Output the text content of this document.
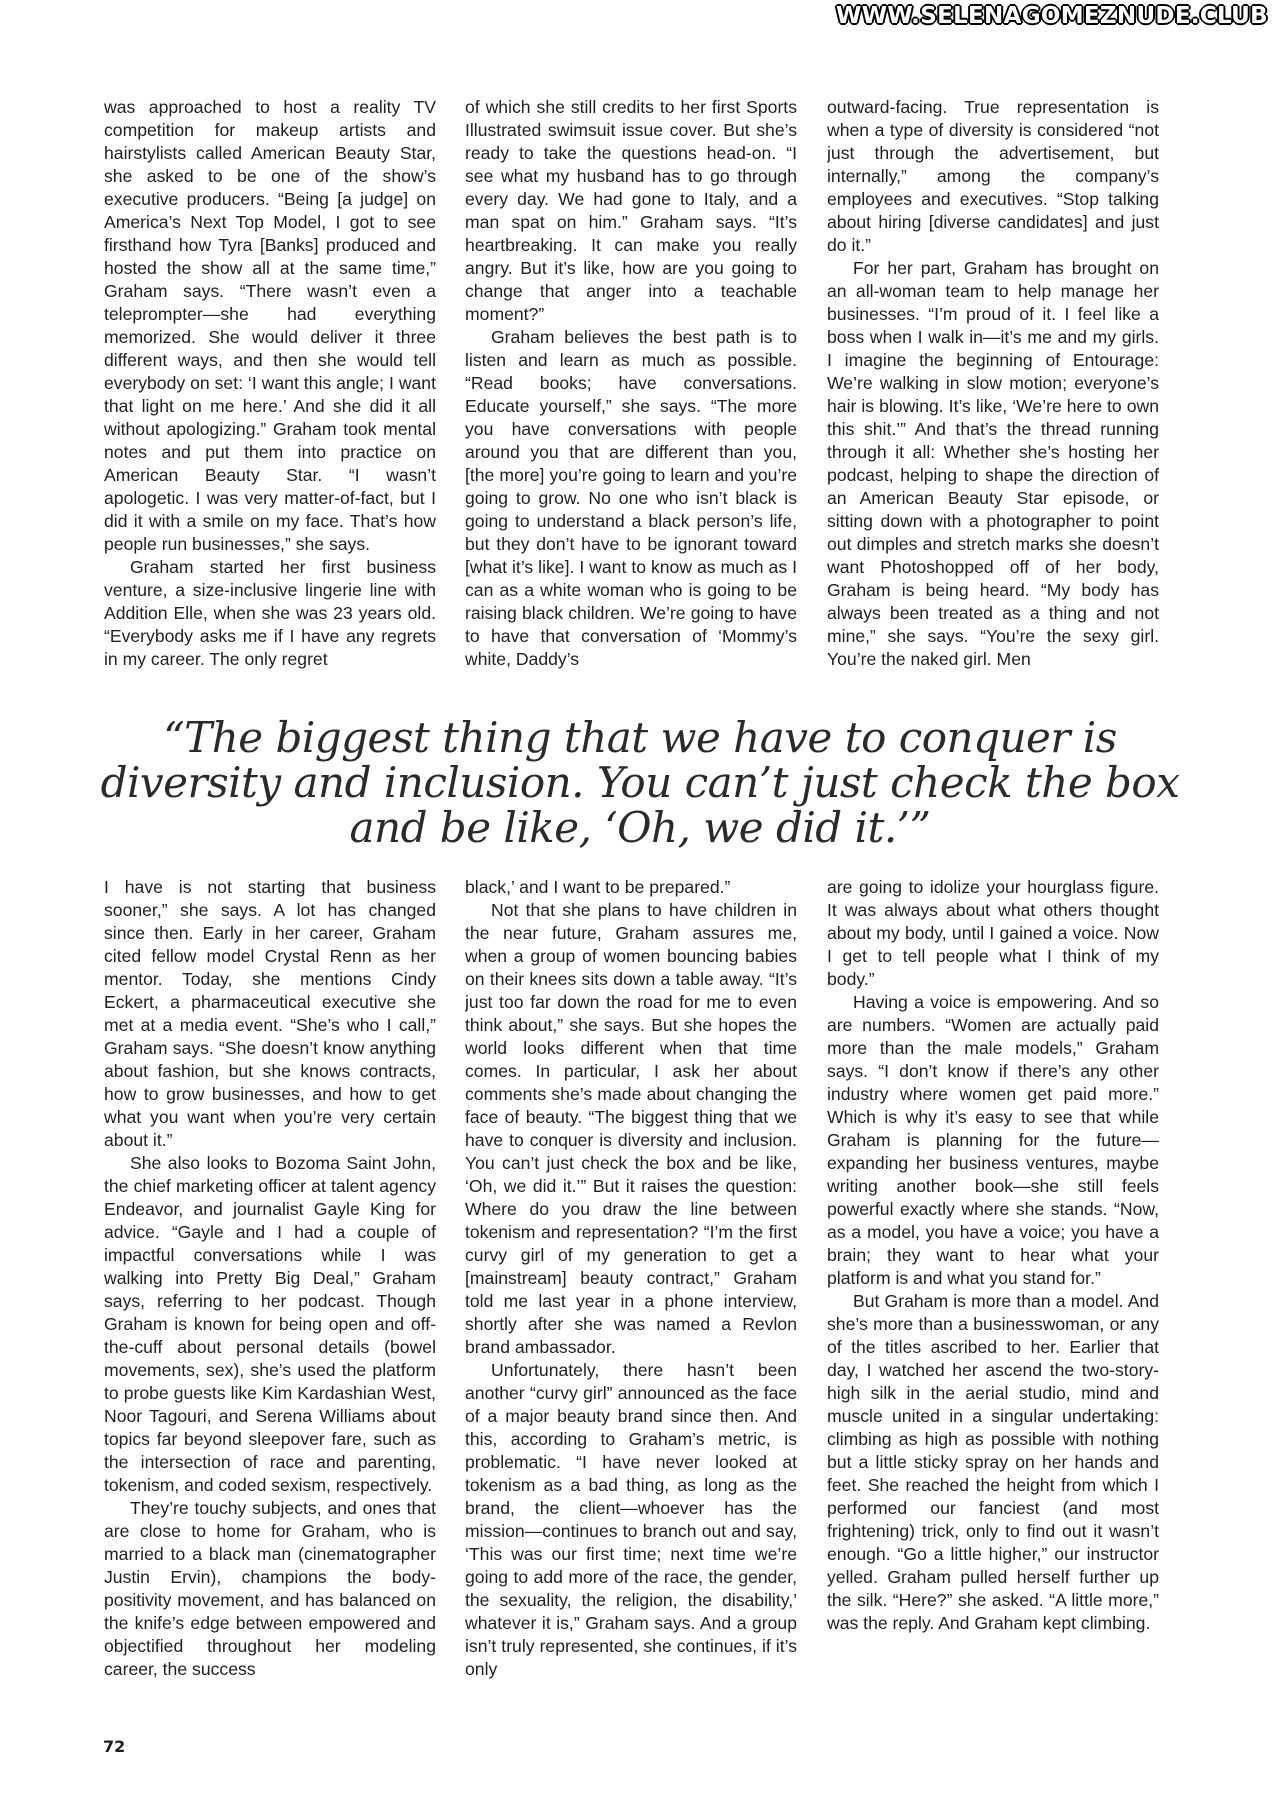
WWW.SELENAGOMEZNUDE.CLUB

was approached to host a reality TV competition for makeup artists and hairstylists called American Beauty Star, she asked to be one of the show’s executive producers. “Being [a judge] on America’s Next Top Model, I got to see firsthand how Tyra [Banks] produced and hosted the show all at the same time,” Graham says. “There wasn’t even a teleprompter—she had everything memorized. She would deliver it three different ways, and then she would tell everybody on set: ‘I want this angle; I want that light on me here.’ And she did it all without apologizing.” Graham took mental notes and put them into practice on American Beauty Star. “I wasn’t apologetic. I was very matter-of-fact, but I did it with a smile on my face. That’s how people run businesses,” she says.

Graham started her first business venture, a size-inclusive lingerie line with Addition Elle, when she was 23 years old. “Everybody asks me if I have any regrets in my career. The only regret

of which she still credits to her first Sports Illustrated swimsuit issue cover. But she’s ready to take the questions head-on. “I see what my husband has to go through every day. We had gone to Italy, and a man spat on him.” Graham says. “It’s heartbreaking. It can make you really angry. But it’s like, how are you going to change that anger into a teachable moment?”

Graham believes the best path is to listen and learn as much as possible. “Read books; have conversations. Educate yourself,” she says. “The more you have conversations with people around you that are different than you, [the more] you’re going to learn and you’re going to grow. No one who isn’t black is going to understand a black person’s life, but they don’t have to be ignorant toward [what it’s like]. I want to know as much as I can as a white woman who is going to be raising black children. We’re going to have to have that conversation of ‘Mommy’s white, Daddy’s

outward-facing. True representation is when a type of diversity is considered “not just through the advertisement, but internally,” among the company’s employees and executives. “Stop talking about hiring [diverse candidates] and just do it.”

For her part, Graham has brought on an all-woman team to help manage her businesses. “I’m proud of it. I feel like a boss when I walk in—it’s me and my girls. I imagine the beginning of Entourage: We’re walking in slow motion; everyone’s hair is blowing. It’s like, ‘We’re here to own this shit.’” And that’s the thread running through it all: Whether she’s hosting her podcast, helping to shape the direction of an American Beauty Star episode, or sitting down with a photographer to point out dimples and stretch marks she doesn’t want Photoshopped off of her body, Graham is being heard. “My body has always been treated as a thing and not mine,” she says. “You’re the sexy girl. You’re the naked girl. Men

“The biggest thing that we have to conquer is diversity and inclusion. You can’t just check the box and be like, ‘Oh, we did it.’”

I have is not starting that business sooner,” she says. A lot has changed since then. Early in her career, Graham cited fellow model Crystal Renn as her mentor. Today, she mentions Cindy Eckert, a pharmaceutical executive she met at a media event. “She’s who I call,” Graham says. “She doesn’t know anything about fashion, but she knows contracts, how to grow businesses, and how to get what you want when you’re very certain about it.”

She also looks to Bozoma Saint John, the chief marketing officer at talent agency Endeavor, and journalist Gayle King for advice. “Gayle and I had a couple of impactful conversations while I was walking into Pretty Big Deal,” Graham says, referring to her podcast. Though Graham is known for being open and off-the-cuff about personal details (bowel movements, sex), she’s used the platform to probe guests like Kim Kardashian West, Noor Tagouri, and Serena Williams about topics far beyond sleepover fare, such as the intersection of race and parenting, tokenism, and coded sexism, respectively.

They’re touchy subjects, and ones that are close to home for Graham, who is married to a black man (cinematographer Justin Ervin), champions the body-positivity movement, and has balanced on the knife’s edge between empowered and objectified throughout her modeling career, the success

black,’ and I want to be prepared.”

Not that she plans to have children in the near future, Graham assures me, when a group of women bouncing babies on their knees sits down a table away. “It’s just too far down the road for me to even think about,” she says. But she hopes the world looks different when that time comes. In particular, I ask her about comments she’s made about changing the face of beauty. “The biggest thing that we have to conquer is diversity and inclusion. You can’t just check the box and be like, ‘Oh, we did it.’” But it raises the question: Where do you draw the line between tokenism and representation? “I’m the first curvy girl of my generation to get a [mainstream] beauty contract,” Graham told me last year in a phone interview, shortly after she was named a Revlon brand ambassador.

Unfortunately, there hasn’t been another “curvy girl” announced as the face of a major beauty brand since then. And this, according to Graham’s metric, is problematic. “I have never looked at tokenism as a bad thing, as long as the brand, the client—whoever has the mission—continues to branch out and say, ‘This was our first time; next time we’re going to add more of the race, the gender, the sexuality, the religion, the disability,’ whatever it is,” Graham says. And a group isn’t truly represented, she continues, if it’s only

are going to idolize your hourglass figure. It was always about what others thought about my body, until I gained a voice. Now I get to tell people what I think of my body.”

Having a voice is empowering. And so are numbers. “Women are actually paid more than the male models,” Graham says. “I don’t know if there’s any other industry where women get paid more.” Which is why it’s easy to see that while Graham is planning for the future—expanding her business ventures, maybe writing another book—she still feels powerful exactly where she stands. “Now, as a model, you have a voice; you have a brain; they want to hear what your platform is and what you stand for.”

But Graham is more than a model. And she’s more than a businesswoman, or any of the titles ascribed to her. Earlier that day, I watched her ascend the two-story-high silk in the aerial studio, mind and muscle united in a singular undertaking: climbing as high as possible with nothing but a little sticky spray on her hands and feet. She reached the height from which I performed our fanciest (and most frightening) trick, only to find out it wasn’t enough. “Go a little higher,” our instructor yelled. Graham pulled herself further up the silk. “Here?” she asked. “A little more,” was the reply. And Graham kept climbing.

72
